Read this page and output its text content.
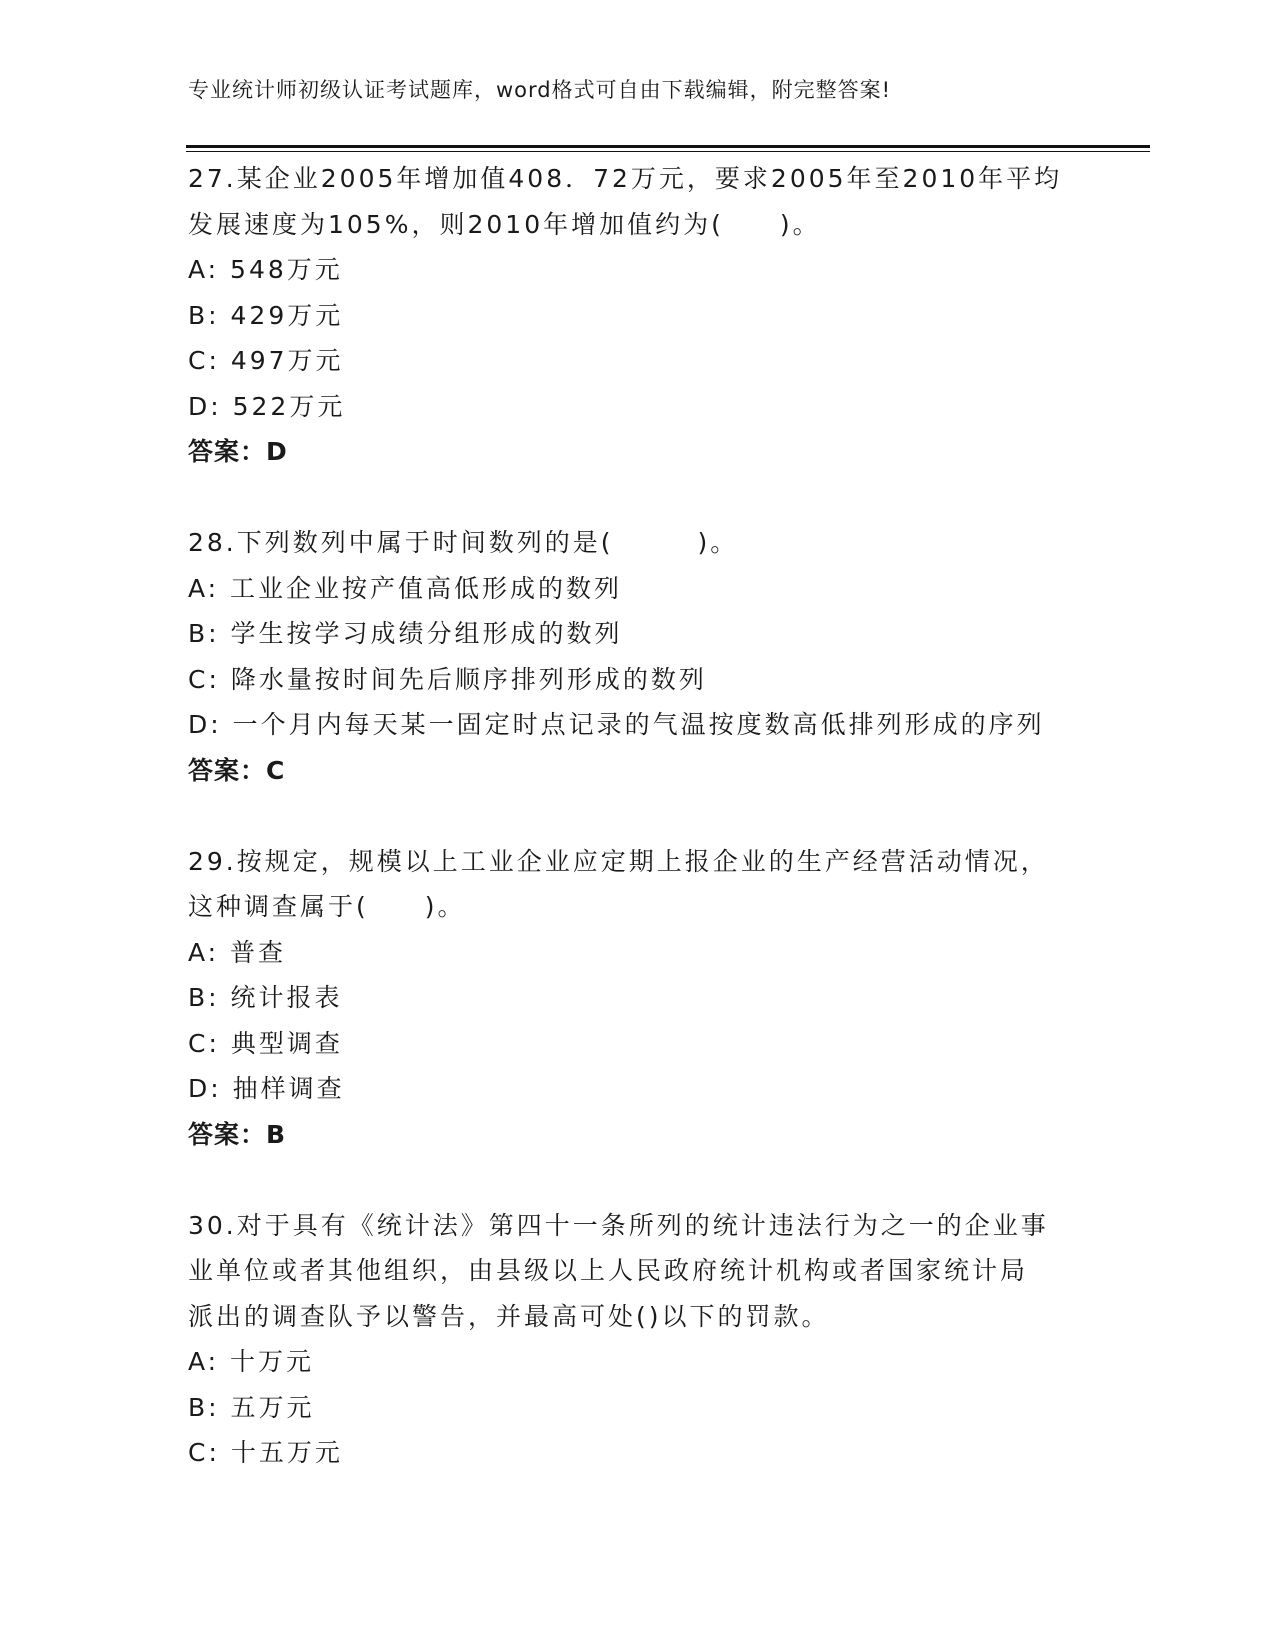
专业统计师初级认证考试题库，word格式可自由下载编辑，附完整答案!
27.某企业2005年增加值408．72万元，要求2005年至2010年平均
发展速度为105%，则2010年增加值约为(　　)。
A: 548万元
B: 429万元
C: 497万元
D: 522万元
答案：D
28.下列数列中属于时间数列的是(　　　)。
A: 工业企业按产值高低形成的数列
B: 学生按学习成绩分组形成的数列
C: 降水量按时间先后顺序排列形成的数列
D: 一个月内每天某一固定时点记录的气温按度数高低排列形成的序列
答案：C
29.按规定，规模以上工业企业应定期上报企业的生产经营活动情况，
这种调查属于(　　)。
A: 普查
B: 统计报表
C: 典型调查
D: 抽样调查
答案：B
30.对于具有《统计法》第四十一条所列的统计违法行为之一的企业事
业单位或者其他组织，由县级以上人民政府统计机构或者国家统计局
派出的调查队予以警告，并最高可处()以下的罚款。
A: 十万元
B: 五万元
C: 十五万元
